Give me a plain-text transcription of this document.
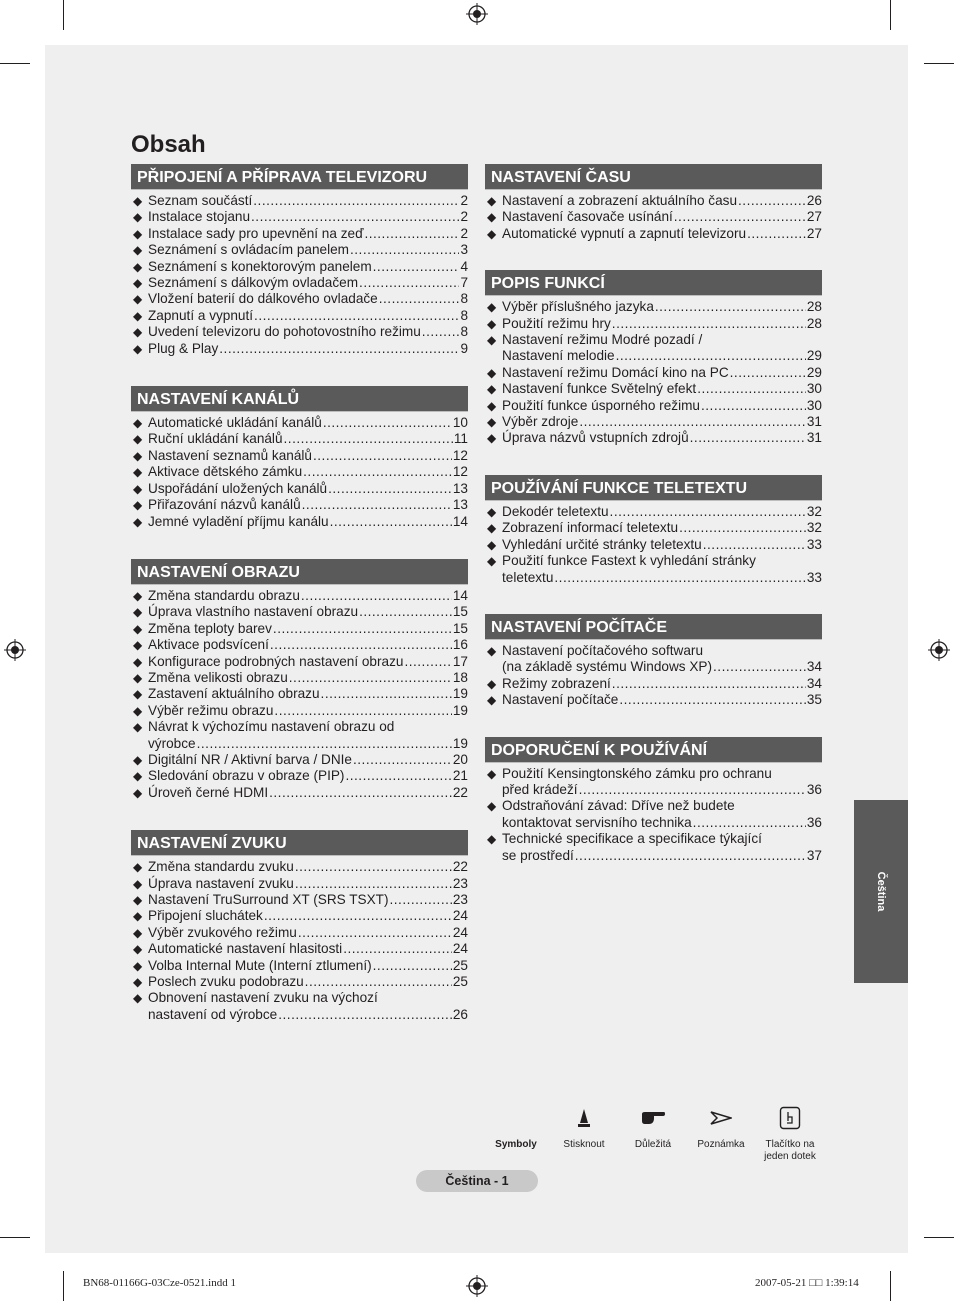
Obsah
PŘIPOJENÍ A PŘÍPRAVA TELEVIZORU
◆ Seznam součástí .....	2
◆ Instalace stojanu .....	2
◆ Instalace sady pro upevnění na zeď .....	2
◆ Seznámení s ovládacím panelem .....	3
◆ Seznámení s konektorovým panelem .....	4
◆ Seznámení s dálkovým ovladačem .....	7
◆ Vložení baterií do dálkového ovladače .....	8
◆ Zapnutí a vypnutí .....	8
◆ Uvedení televizoru do pohotovostního režimu .....	8
◆ Plug & Play .....	9
NASTAVENÍ KANÁLŮ
◆ Automatické ukládání kanálů .....	10
◆ Ruční ukládání kanálů .....	11
◆ Nastavení seznamů kanálů .....	12
◆ Aktivace dětského zámku .....	12
◆ Uspořádání uložených kanálů .....	13
◆ Přiřazování názvů kanálů .....	13
◆ Jemné vyladění příjmu kanálu .....	14
NASTAVENÍ OBRAZU
◆ Změna standardu obrazu .....	14
◆ Úprava vlastního nastavení obrazu .....	15
◆ Změna teploty barev .....	15
◆ Aktivace podsvícení .....	16
◆ Konfigurace podrobných nastavení obrazu .....	17
◆ Změna velikosti obrazu .....	18
◆ Zastavení aktuálního obrazu .....	19
◆ Výběr režimu obrazu .....	19
◆ Návrat k výchozímu nastavení obrazu od
výrobce .....	19
◆ Digitální NR / Aktivní barva / DNIe .....	20
◆ Sledování obrazu v obraze (PIP) .....	21
◆ Úroveň černé HDMI .....	22
NASTAVENÍ ZVUKU
◆ Změna standardu zvuku .....	22
◆ Úprava nastavení zvuku .....	23
◆ Nastavení TruSurround XT (SRS TSXT) .....	23
◆ Připojení sluchátek .....	24
◆ Výběr zvukového režimu .....	24
◆ Automatické nastavení hlasitosti .....	24
◆ Volba Internal Mute (Interní ztlumení) .....	25
◆ Poslech zvuku podobrazu .....	25
◆ Obnovení nastavení zvuku na výchozí
nastavení od výrobce .....	26
NASTAVENÍ ČASU
◆ Nastavení a zobrazení aktuálního času .....	26
◆ Nastavení časovače usínání .....	27
◆ Automatické vypnutí a zapnutí televizoru .....	27
POPIS FUNKCÍ
◆ Výběr příslušného jazyka .....	28
◆ Použití režimu hry .....	28
◆ Nastavení režimu Modré pozadí /
Nastavení melodie .....	29
◆ Nastavení režimu Domácí kino na PC .....	29
◆ Nastavení funkce Světelný efekt .....	30
◆ Použití funkce úsporného režimu .....	30
◆ Výběr zdroje .....	31
◆ Úprava názvů vstupních zdrojů .....	31
POUŽÍVÁNÍ FUNKCE TELETEXTU
◆ Dekodér teletextu .....	32
◆ Zobrazení informací teletextu .....	32
◆ Vyhledání určité stránky teletextu .....	33
◆ Použití funkce Fastext k vyhledání stránky
teletextu .....	33
NASTAVENÍ POČÍTAČE
◆ Nastavení počítačového softwaru
(na základě systému Windows XP) .....	34
◆ Režimy zobrazení .....	34
◆ Nastavení počítače .....	35
DOPORUČENÍ K POUŽÍVÁNÍ
◆ Použití Kensingtonského zámku pro ochranu
před krádeží .....	36
◆ Odstraňování závad: Dříve než budete
kontaktovat servisního technika .....	36
◆ Technické specifikace a specifikace týkající
se prostředí .....	37
Čeština
Symboly	Stisknout	Důležitá	Poznámka	Tlačítko na jeden dotek
Čeština - 1
BN68-01166G-03Cze-0521.indd 1	2007-05-21 □□ 1:39:14
